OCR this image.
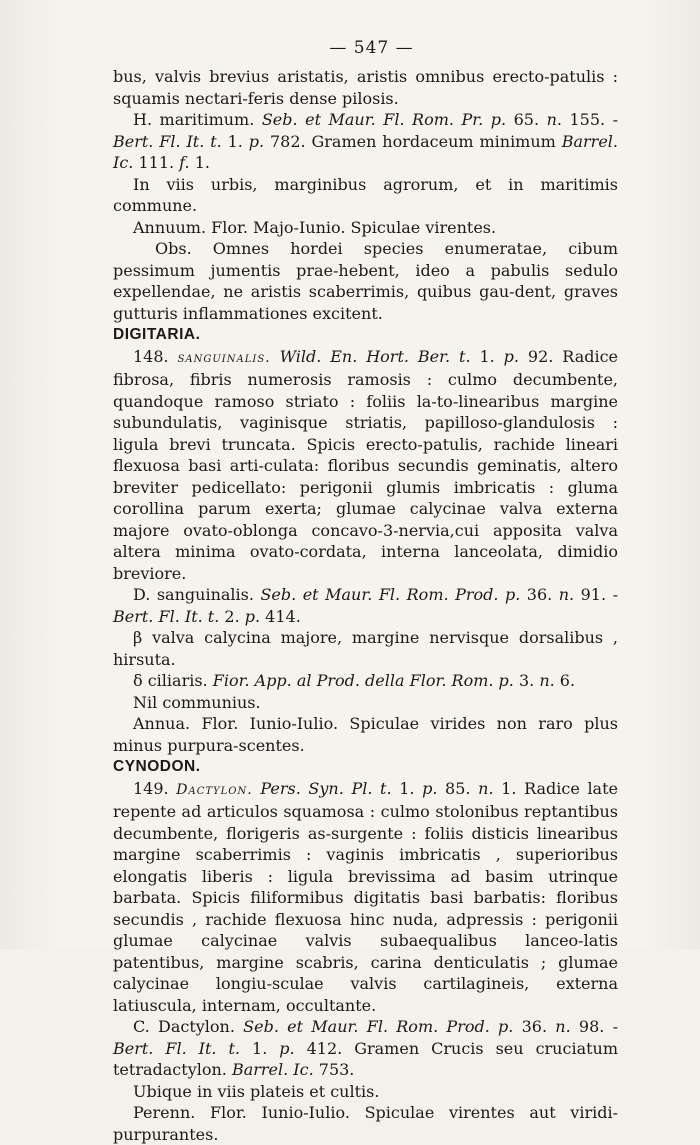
— 547 —

bus, valvis brevius aristatis, aristis omnibus erecto-patulis : squamis nectari-feris dense pilosis.

H. maritimum. Seb. et Maur. Fl. Rom. Pr. p. 65. n. 155. - Bert. Fl. It. t. 1. p. 782. Gramen hordaceum minimum Barrel. Ic. 111. f. 1.

In viis urbis, marginibus agrorum, et in maritimis commune.

Annuum. Flor. Majo-Iunio. Spiculae virentes.

Obs. Omnes hordei species enumeratae, cibum pessimum jumentis prae-hebent, ideo a pabulis sedulo expellendae, ne aristis scaberrimis, quibus gau-dent, graves gutturis inflammationes excitent.

DIGITARIA.

148. sanguinalis. Wild. En. Hort. Ber. t. 1. p. 92. Radice fibrosa, fibris numerosis ramosis : culmo decumbente, quandoque ramoso striato : foliis la-to-linearibus margine subundulatis, vaginisque striatis, papilloso-glandulosis : ligula brevi truncata. Spicis erecto-patulis, rachide lineari flexuosa basi arti-culata: floribus secundis geminatis, altero breviter pedicellato: perigonii glumis imbricatis : gluma corollina parum exerta; glumae calycinae valva externa majore ovato-oblonga concavo-3-nervia,cui apposita valva altera minima ovato-cordata, interna lanceolata, dimidio breviore.

D. sanguinalis. Seb. et Maur. Fl. Rom. Prod. p. 36. n. 91. - Bert. Fl. It. t. 2. p. 414.

β valva calycina majore, margine nervisque dorsalibus , hirsuta.

δ ciliaris. Fior. App. al Prod. della Flor. Rom. p. 3. n. 6.

Nil communius.

Annua. Flor. Iunio-Iulio. Spiculae virides non raro plus minus purpura-scentes.

CYNODON.

149. Dactylon. Pers. Syn. Pl. t. 1. p. 85. n. 1. Radice late repente ad articulos squamosa : culmo stolonibus reptantibus decumbente, florigeris as-surgente : foliis disticis linearibus margine scaberrimis : vaginis imbricatis , superioribus elongatis liberis : ligula brevissima ad basim utrinque barbata. Spicis filiformibus digitatis basi barbatis: floribus secundis , rachide flexuosa hinc nuda, adpressis : perigonii glumae calycinae valvis subaequalibus lanceo-latis patentibus, margine scabris, carina denticulatis ; glumae calycinae longiu-sculae valvis cartilagineis, externa latiuscula, internam, occultante.

C. Dactylon. Seb. et Maur. Fl. Rom. Prod. p. 36. n. 98. - Bert. Fl. It. t. 1. p. 412. Gramen Crucis seu cruciatum tetradactylon. Barrel. Ic. 753.

Ubique in viis plateis et cultis.

Perenn. Flor. Iunio-Iulio. Spiculae virentes aut viridi-purpurantes.
